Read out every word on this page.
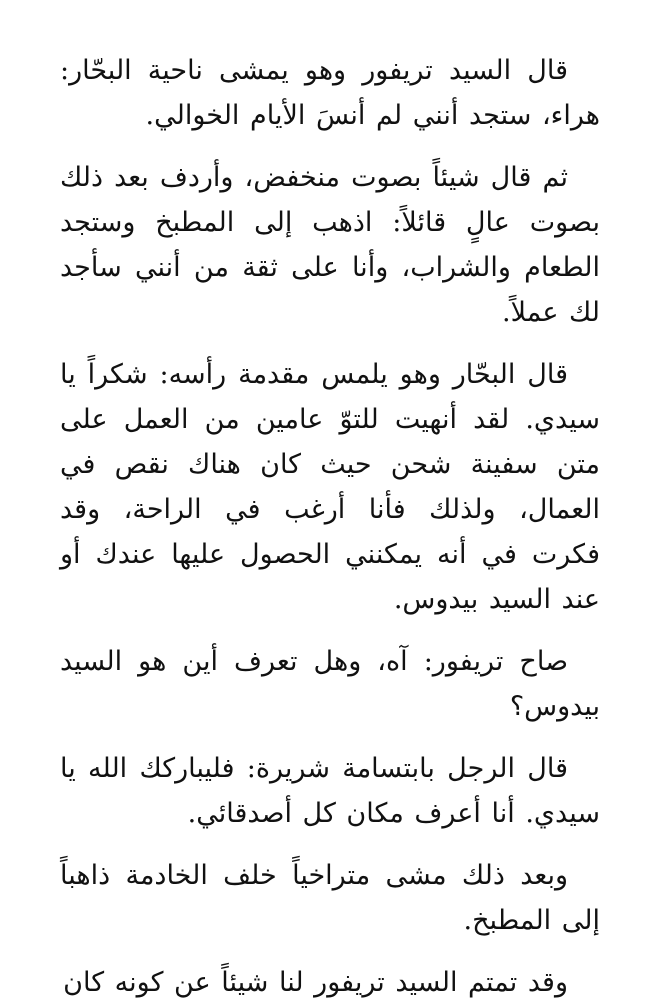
قال السيد تريفور وهو يمشى ناحية البحّار: هراء، ستجد أنني لم أنسَ الأيام الخوالي.

ثم قال شيئاً بصوت منخفض، وأردف بعد ذلك بصوت عالٍ قائلاً: اذهب إلى المطبخ وستجد الطعام والشراب، وأنا على ثقة من أنني سأجد لك عملاً.

قال البحّار وهو يلمس مقدمة رأسه: شكراً يا سيدي. لقد أنهيت للتوّ عامين من العمل على متن سفينة شحن حيث كان هناك نقص في العمال، ولذلك فأنا أرغب في الراحة، وقد فكرت في أنه يمكنني الحصول عليها عندك أو عند السيد بيدوس.

صاح تريفور: آه، وهل تعرف أين هو السيد بيدوس؟

قال الرجل بابتسامة شريرة: فليباركك الله يا سيدي. أنا أعرف مكان كل أصدقائي.

وبعد ذلك مشى متراخياً خلف الخادمة ذاهباً إلى المطبخ.

وقد تمتم السيد تريفور لنا شيئاً عن كونه كان
